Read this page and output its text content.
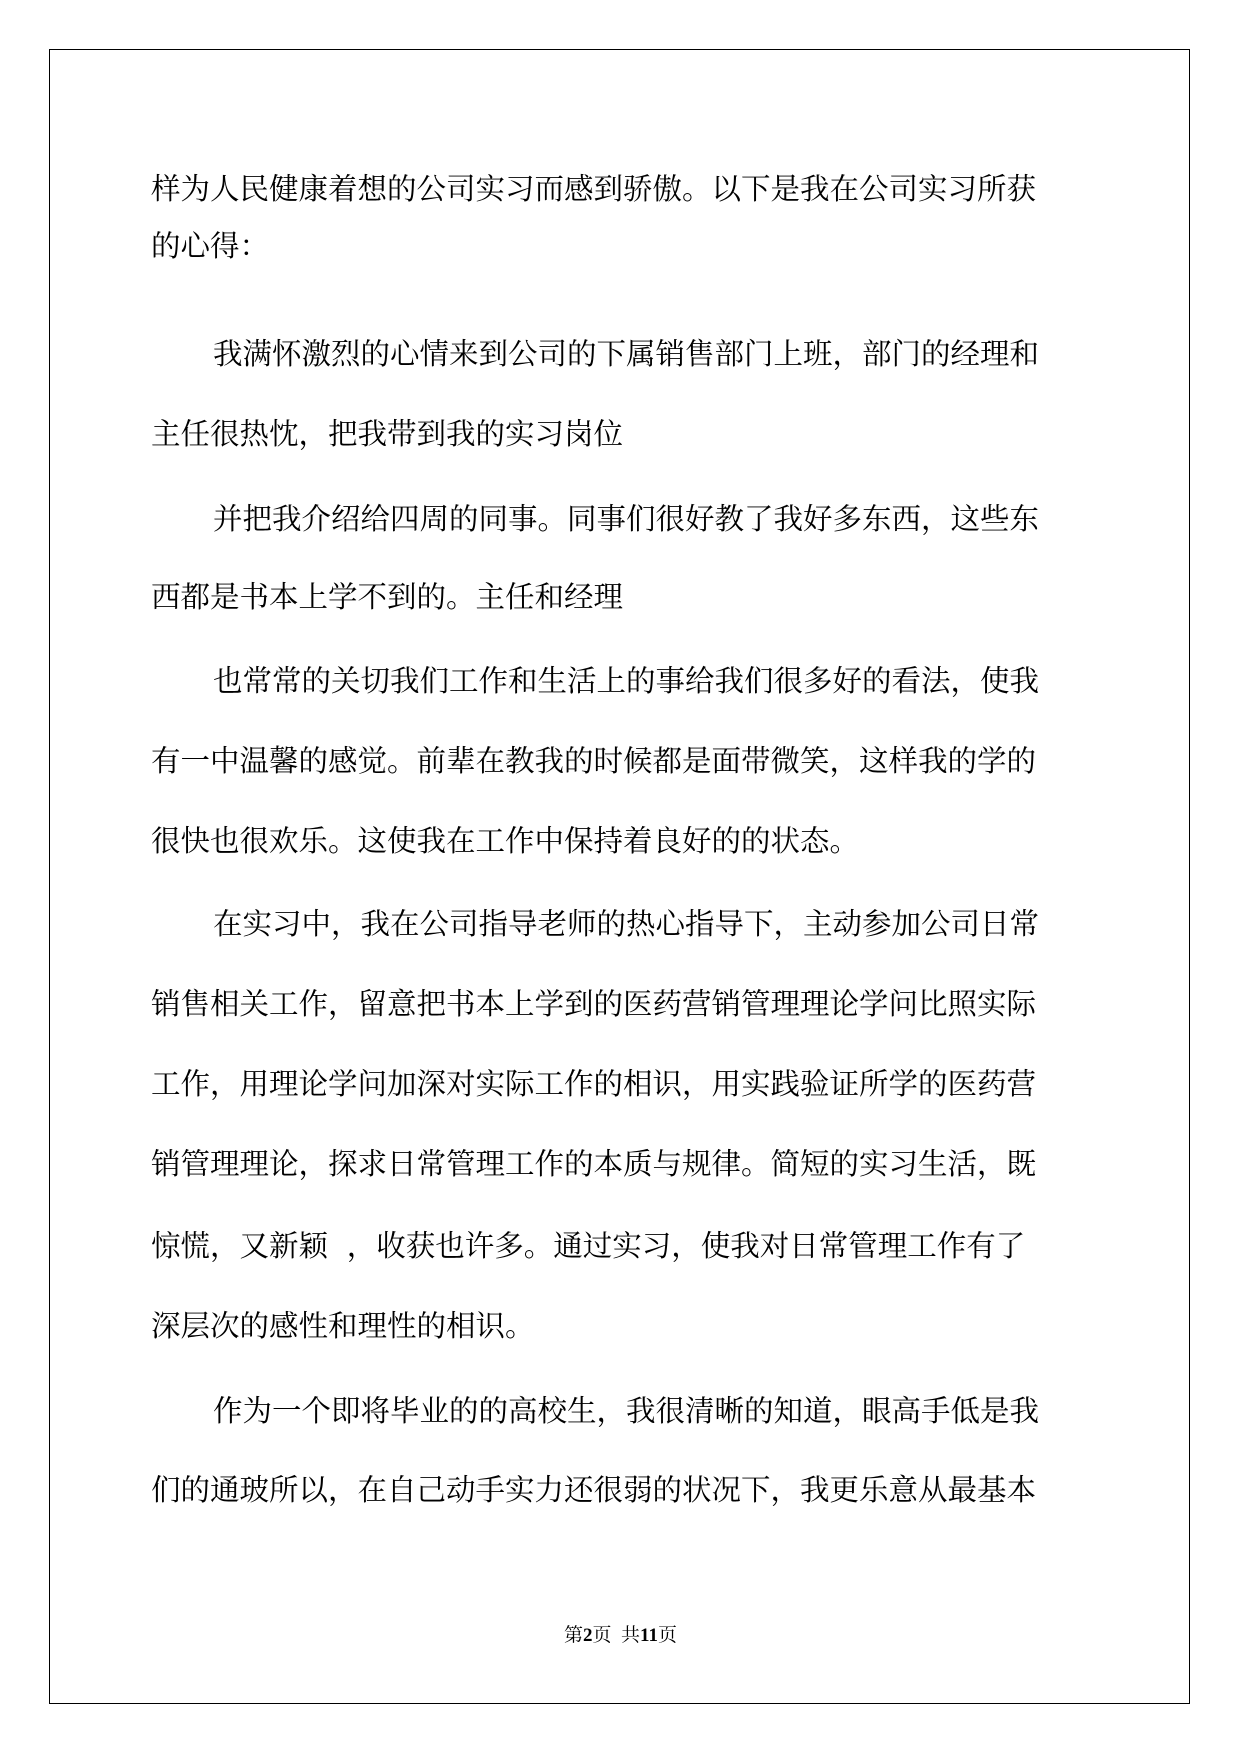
样为人民健康着想的公司实习而感到骄傲。以下是我在公司实习所获
的心得：
我满怀激烈的心情来到公司的下属销售部门上班，部门的经理和
主任很热忱，把我带到我的实习岗位
并把我介绍给四周的同事。同事们很好教了我好多东西，这些东
西都是书本上学不到的。主任和经理
也常常的关切我们工作和生活上的事给我们很多好的看法，使我
有一中温馨的感觉。前辈在教我的时候都是面带微笑，这样我的学的
很快也很欢乐。这使我在工作中保持着良好的的状态。
在实习中，我在公司指导老师的热心指导下，主动参加公司日常
销售相关工作，留意把书本上学到的医药营销管理理论学问比照实际
工作，用理论学问加深对实际工作的相识，用实践验证所学的医药营
销管理理论，探求日常管理工作的本质与规律。简短的实习生活，既
惊慌，又新颖  ，收获也许多。通过实习，使我对日常管理工作有了
深层次的感性和理性的相识。
作为一个即将毕业的的高校生，我很清晰的知道，眼高手低是我
们的通玻所以，在自己动手实力还很弱的状况下，我更乐意从最基本
第2页  共11页
